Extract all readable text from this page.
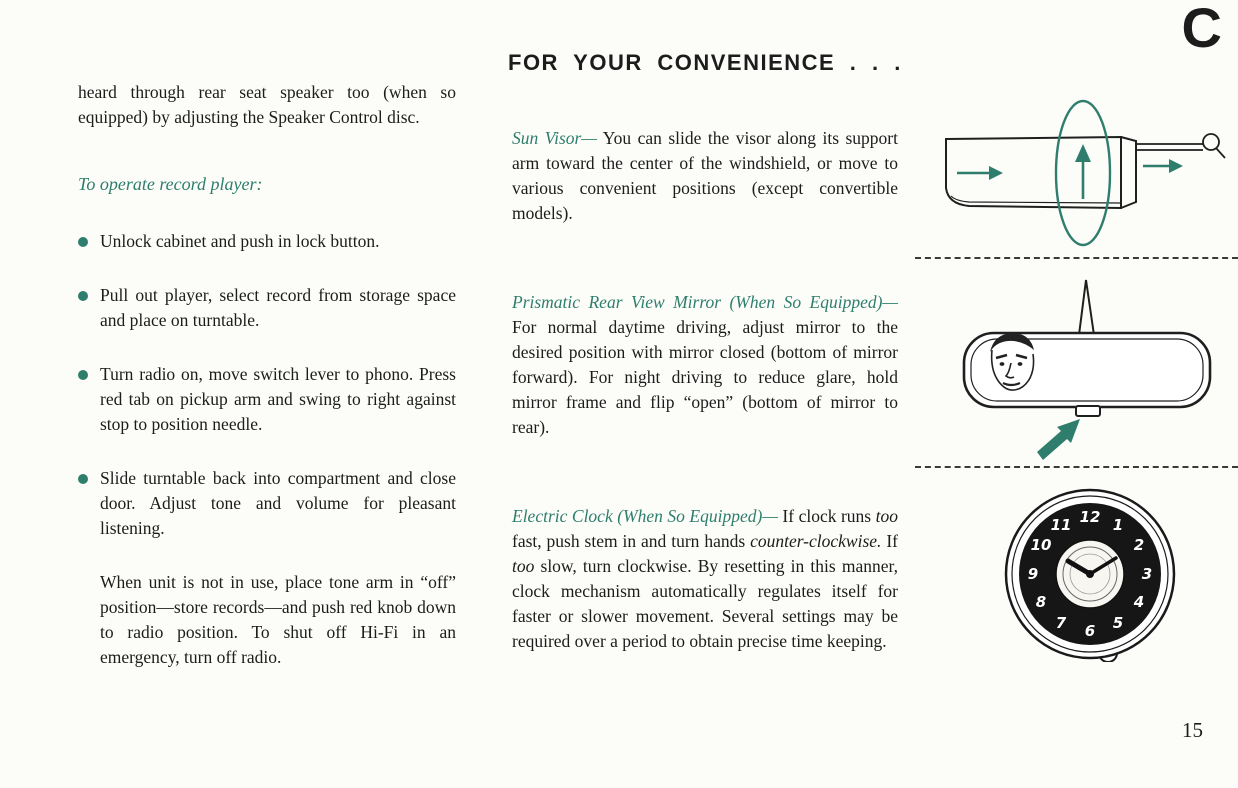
C
FOR YOUR CONVENIENCE . . .

heard through rear seat speaker too (when so equipped) by adjusting the Speaker Control disc.

To operate record player:

Unlock cabinet and push in lock button.
Pull out player, select record from storage space and place on turntable.
Turn radio on, move switch lever to phono. Press red tab on pickup arm and swing to right against stop to position needle.
Slide turntable back into compartment and close door. Adjust tone and volume for pleasant listening.

When unit is not in use, place tone arm in “off” position—store records—and push red knob down to radio position. To shut off Hi-Fi in an emergency, turn off radio.

Sun Visor— You can slide the visor along its support arm toward the center of the windshield, or move to various convenient positions (except convertible models).

Prismatic Rear View Mirror (When So Equipped)— For normal daytime driving, adjust mirror to the desired position with mirror closed (bottom of mirror forward). For night driving to reduce glare, hold mirror frame and flip “open” (bottom of mirror to rear).

Electric Clock (When So Equipped)— If clock runs too fast, push stem in and turn hands counter-clockwise. If too slow, turn clockwise. By resetting in this manner, clock mechanism automatically regulates itself for faster or slower movement. Several settings may be required over a period to obtain precise time keeping.

12 1
2
3
4
5
6
7
8
9
10
11
15
